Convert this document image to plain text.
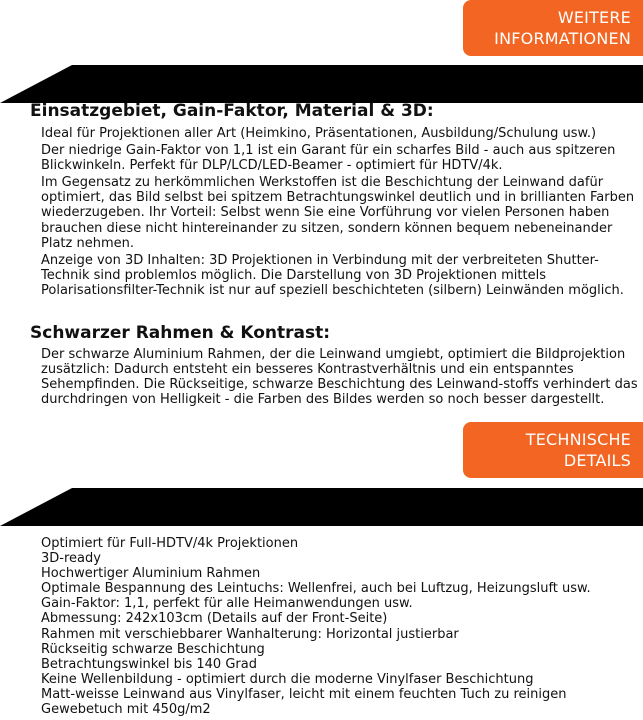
WEITERE
INFORMATIONEN
Einsatzgebiet, Gain-Faktor, Material & 3D:

Ideal für Projektionen aller Art (Heimkino, Präsentationen, Ausbildung/Schulung usw.)

Der niedrige Gain-Faktor von 1,1 ist ein Garant für ein scharfes Bild - auch aus spitzeren Blickwinkeln. Perfekt für DLP/LCD/LED-Beamer - optimiert für HDTV/4k.

Im Gegensatz zu herkömmlichen Werkstoffen ist die Beschichtung der Leinwand dafür optimiert, das Bild selbst bei spitzem Betrachtungswinkel deutlich und in brillianten Farben wiederzugeben. Ihr Vorteil: Selbst wenn Sie eine Vorführung vor vielen Personen haben brauchen diese nicht hintereinander zu sitzen, sondern können bequem nebeneinander Platz nehmen.

Anzeige von 3D Inhalten: 3D Projektionen in Verbindung mit der verbreiteten Shutter-Technik sind problemlos möglich. Die Darstellung von 3D Projektionen mittels Polarisationsfilter-Technik ist nur auf speziell beschichteten (silbern) Leinwänden möglich.

Schwarzer Rahmen & Kontrast:

Der schwarze Aluminium Rahmen, der die Leinwand umgiebt, optimiert die Bildprojektion zusätzlich: Dadurch entsteht ein besseres Kontrastverhältnis und ein entspanntes Sehempfinden. Die Rückseitige, schwarze Beschichtung des Leinwand-stoffs verhindert das durchdringen von Helligkeit - die Farben des Bildes werden so noch besser dargestellt.

TECHNISCHE
DETAILS
Optimiert für Full-HDTV/4k Projektionen
3D-ready
Hochwertiger Aluminium Rahmen
Optimale Bespannung des Leintuchs: Wellenfrei, auch bei Luftzug, Heizungsluft usw.
Gain-Faktor: 1,1, perfekt für alle Heimanwendungen usw.
Abmessung: 242x103cm (Details auf der Front-Seite)
Rahmen mit verschiebbarer Wanhalterung: Horizontal justierbar
Rückseitig schwarze Beschichtung
Betrachtungswinkel bis 140 Grad
Keine Wellenbildung - optimiert durch die moderne Vinylfaser Beschichtung
Matt-weisse Leinwand aus Vinylfaser, leicht mit einem feuchten Tuch zu reinigen
Gewebetuch mit 450g/m2
